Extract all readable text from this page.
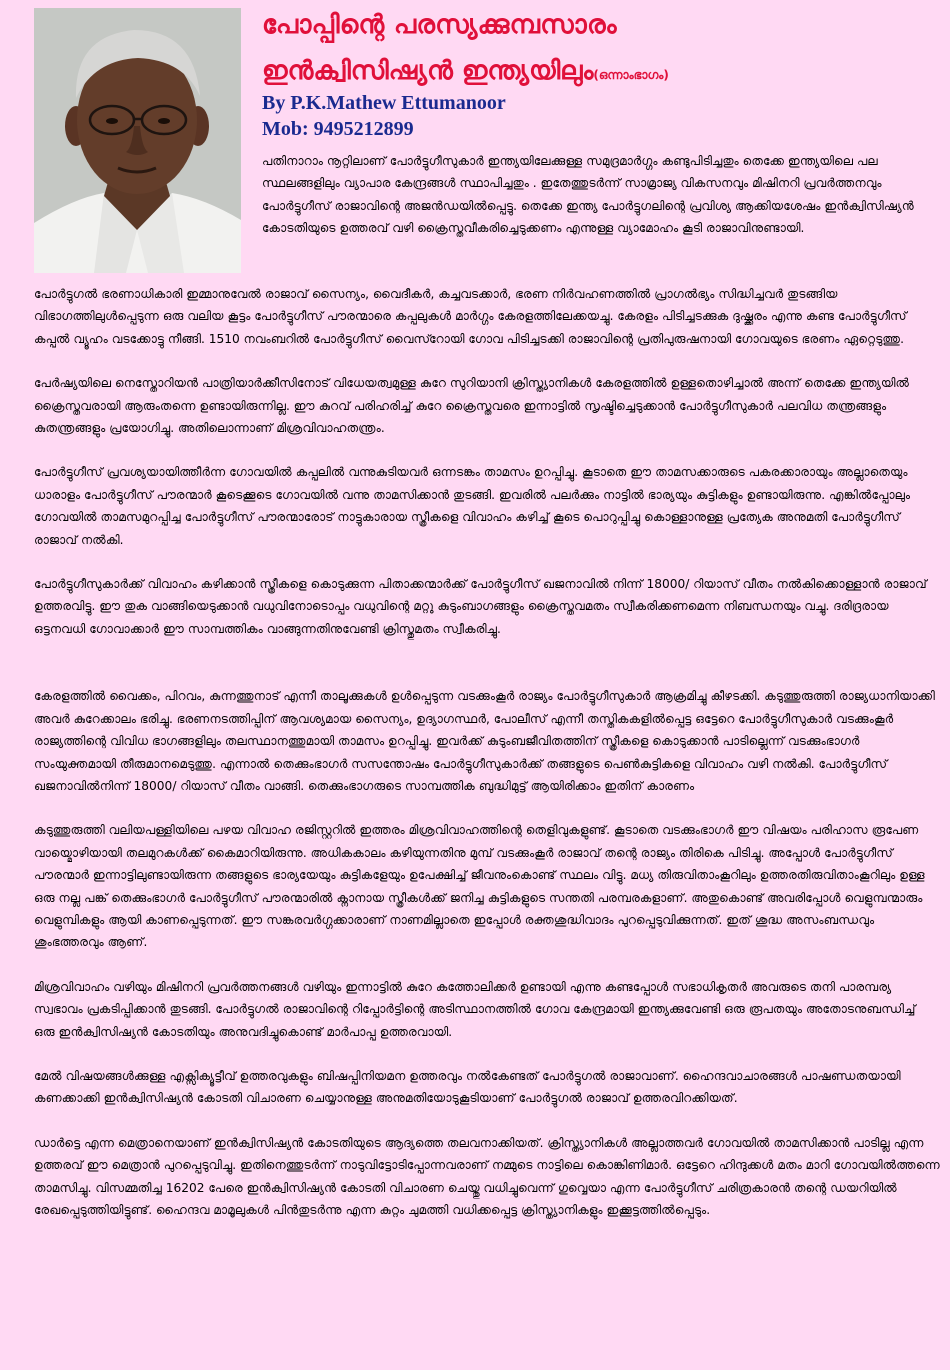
പോപ്പിന്റെ പരസ്യക്കുമ്പസാരം
ഇൻക്വിസിഷ്യൻ ഇന്ത്യയിലും(ഒന്നാംഭാഗം)
By P.K.Mathew Ettumanoor
Mob: 9495212899
പതിനാറാം നൂറ്റിലാണ് പോർട്ടുഗീസുകാർ ഇന്ത്യയിലേക്കുള്ള സമുദ്രമാർഗ്ഗം കണ്ടുപിടിച്ചതും തെക്കേ ഇന്ത്യയിലെ പല സ്ഥലങ്ങളിലും വ്യാപാര കേന്ദ്രങ്ങൾ സ്ഥാപിച്ചതും . ഇതേത്തുടർന്ന് സാമ്രാജ്യ വികസനവും മിഷിനറി പ്രവർത്തനവും പോർട്ടുഗീസ് രാജാവിന്റെ അജൻഡയിൽപ്പെട്ടു. തെക്കേ ഇന്ത്യ പോർട്ടുഗലിന്റെ പ്രവിശ്യ ആക്കിയശേഷം ഇൻക്വിസിഷ്യൻ കോടതിയുടെ ഉത്തരവ് വഴി ക്രൈസ്തവീകരിച്ചെടുക്കണം എന്നുള്ള വ്യാമോഹം കൂടി രാജാവിനുണ്ടായി.

പോർട്ടുഗൽ ഭരണാധികാരി ഇമ്മാനുവേൽ രാജാവ് സൈന്യം, വൈദീകർ, കച്ചവടക്കാർ, ഭരണ നിർവഹണത്തിൽ പ്രാഗൽഭ്യം സിദ്ധിച്ചവർ തുടങ്ങിയ വിഭാഗത്തിലുൾപ്പെടുന്ന ഒരു വലിയ കൂട്ടം പോർട്ടുഗീസ് പൗരന്മാരെ കപ്പലുകൾ മാർഗ്ഗം കേരളത്തിലേക്കയച്ചു. കേരളം പിടിച്ചടക്കുക ദുഷ്ക്കരം എന്നു കണ്ട പോർട്ടുഗീസ് കപ്പൽ വ്യൂഹം വടക്കോട്ടു നീങ്ങി. 1510 നവംബറിൽ പോർട്ടുഗീസ് വൈസ്റോയി ഗോവ പിടിച്ചടക്കി രാജാവിന്റെ പ്രതിപുരുഷനായി ഗോവയുടെ ഭരണം ഏറ്റെടുത്തു.

പേർഷ്യയിലെ നെസ്തോറിയൻ പാത്രിയാർക്കീസിനോട് വിധേയത്വമുള്ള കുറേ സുറിയാനി ക്രിസ്ത്യാനികൾ കേരളത്തിൽ ഉള്ളതൊഴിച്ചാൽ അന്ന് തെക്കേ ഇന്ത്യയിൽ ക്രൈസ്തവരായി ആരുംതന്നെ ഉണ്ടായിരുന്നില്ല. ഈ കുറവ് പരിഹരിച്ച് കുറേ ക്രൈസ്തവരെ ഇന്നാട്ടിൽ സൃഷ്ടിച്ചെടുക്കാൻ പോർട്ടുഗീസുകാർ പലവിധ തന്ത്രങ്ങളും കുതന്ത്രങ്ങളും പ്രയോഗിച്ചു. അതിലൊന്നാണ് മിശ്രവിവാഹതന്ത്രം.

പോർട്ടുഗീസ് പ്രവശ്യയായിത്തീർന്ന ഗോവയിൽ കപ്പലിൽ വന്നുകുടിയവർ ഒന്നടങ്കം താമസം ഉറപ്പിച്ചു. കൂടാതെ ഈ താമസക്കാരുടെ പകരക്കാരായും അല്ലാതെയും ധാരാളം പോർട്ടുഗീസ് പൗരന്മാർ കൂടെക്കൂടെ ഗോവയിൽ വന്നു താമസിക്കാൻ തുടങ്ങി. ഇവരിൽ പലർക്കും നാട്ടിൽ ഭാര്യയും കുട്ടികളും ഉണ്ടായിരുന്നു. എങ്കിൽപ്പോലും ഗോവയിൽ താമസമുറപ്പിച്ച പോർട്ടുഗീസ് പൗരന്മാരോട് നാട്ടുകാരായ സ്ത്രീകളെ വിവാഹം കഴിച്ച് കൂടെ പൊറുപ്പിച്ചു കൊള്ളാനുള്ള പ്രത്യേക അനുമതി പോർട്ടുഗീസ് രാജാവ് നൽകി.

പോർട്ടുഗീസുകാർക്ക് വിവാഹം കഴിക്കാൻ സ്ത്രീകളെ കൊടുക്കുന്ന പിതാക്കന്മാർക്ക് പോർട്ടുഗീസ് ഖജനാവിൽ നിന്ന് 18000/ റിയാസ് വീതം നൽകിക്കൊള്ളാൻ രാജാവ് ഉത്തരവിട്ടു. ഈ തുക വാങ്ങിയെടുക്കാൻ വധുവിനോടൊപ്പം വധുവിന്റെ മറ്റു കുടുംബാഗങ്ങളും ക്രൈസ്തവമതം സ്വീകരിക്കണമെന്ന നിബന്ധനയും വച്ചു. ദരിദ്രരായ ഒട്ടനവധി ഗോവാക്കാർ ഈ സാമ്പത്തികം വാങ്ങുന്നതിനുവേണ്ടി ക്രിസ്തുമതം സ്വീകരിച്ചു.

കേരളത്തിൽ വൈക്കം, പിറവം, കുന്നത്തുനാട് എന്നീ താലൂക്കുകൾ ഉൾപ്പെടുന്ന വടക്കുംകൂർ രാജ്യം പോർട്ടുഗീസുകാർ ആക്രമിച്ചു കീഴടക്കി. കടുത്തുരുത്തി രാജ്യധാനിയാക്കി അവർ കുറേക്കാലം ഭരിച്ചു. ഭരണനടത്തിപ്പിന് ആവശ്യമായ സൈന്യം, ഉദ്യാഗസ്ഥർ, പോലീസ് എന്നീ തസ്തികകളിൽപ്പെട്ട ഒട്ടേറെ പോർട്ടുഗീസുകാർ വടക്കുംകൂർ രാജ്യത്തിന്റെ വിവിധ ഭാഗങ്ങളിലും തലസ്ഥാനത്തുമായി താമസം ഉറപ്പിച്ചു. ഇവർക്ക് കുടുംബജീവിതത്തിന് സ്ത്രീകളെ കൊടുക്കാൻ പാടില്ലെന്ന് വടക്കുംഭാഗർ സംയുക്തമായി തീരുമാനമെടുത്തു. എന്നാൽ തെക്കുംഭാഗർ സസന്തോഷം പോർട്ടുഗീസുകാർക്ക് തങ്ങളുടെ പെൺകുട്ടികളെ വിവാഹം വഴി നൽകി. പോർട്ടുഗീസ് ഖജനാവിൽനിന്ന് 18000/ റിയാസ് വീതം വാങ്ങി. തെക്കുംഭാഗരുടെ സാമ്പത്തിക ബുദ്ധിമുട്ട് ആയിരിക്കാം ഇതിന് കാരണം

കടുത്തുരുത്തി വലിയപള്ളിയിലെ പഴയ വിവാഹ രജിസ്റ്ററിൽ ഇത്തരം മിശ്രവിവാഹത്തിന്റെ തെളിവുകളുണ്ട്. കൂടാതെ വടക്കുംഭാഗർ ഈ വിഷയം പരിഹാസ രൂപേണ വായ്മൊഴിയായി തലമുറകൾക്ക് കൈമാറിയിരുന്നു. അധികകാലം കഴിയുന്നതിനു മുമ്പ് വടക്കുംകൂർ രാജാവ് തന്റെ രാജ്യം തിരികെ പിടിച്ചു. അപ്പോൾ പോർട്ടുഗീസ് പൗരന്മാർ ഇന്നാട്ടിലുണ്ടായിരുന്ന തങ്ങളുടെ ഭാര്യയേയും കുട്ടികളേയും ഉപേക്ഷിച്ച് ജീവനുംകൊണ്ട് സ്ഥലം വിട്ടു. മധ്യ തിരുവിതാംകൂറിലും ഉത്തരതിരുവിതാംകൂറിലും ഉള്ള ഒരു നല്ല പങ്ക് തെക്കുംഭാഗർ പോർട്ടുഗീസ് പൗരന്മാരിൽ ക്നാനായ സ്ത്രീകൾക്ക് ജനിച്ച കുട്ടികളുടെ സന്തതി പരമ്പരകളാണ്. അതുകൊണ്ട് അവരിപ്പോൾ വെളുമ്പന്മാരും വെളുമ്പികളും ആയി കാണപ്പെടുന്നത്. ഈ സങ്കരവർഗ്ഗക്കാരാണ് നാണമില്ലാതെ ഇപ്പോൾ രക്തശുദ്ധിവാദം പുറപ്പെടുവിക്കുന്നത്. ഇത് ശുദ്ധ അസംബന്ധവും ശുംഭത്തരവും ആണ്.

മിശ്രവിവാഹം വഴിയും മിഷിനറി പ്രവർത്തനങ്ങൾ വഴിയും ഇന്നാട്ടിൽ കുറേ കത്തോലിക്കർ ഉണ്ടായി എന്നു കണ്ടപ്പോൾ സഭാധികൃതർ അവരുടെ തനി പാരമ്പര്യ സ്വഭാവം പ്രകടിപ്പിക്കാൻ തുടങ്ങി. പോർട്ടുഗൽ രാജാവിന്റെ റിപ്പോർട്ടിന്റെ അടിസ്ഥാനത്തിൽ ഗോവ കേന്ദ്രമായി ഇന്ത്യക്കുവേണ്ടി ഒരു രൂപതയും അതോടനുബന്ധിച്ച് ഒരു ഇൻക്വിസിഷ്യൻ കോടതിയും അനുവദിച്ചുകൊണ്ട് മാർപാപ്പ ഉത്തരവായി.

മേൽ വിഷയങ്ങൾക്കുള്ള എക്സിക്യൂട്ടീവ് ഉത്തരവുകളും ബിഷപ്പിനിയമന ഉത്തരവും നൽകേണ്ടത് പോർട്ടുഗൽ രാജാവാണ്. ഹൈന്ദവാചാരങ്ങൾ പാഷണ്ഡതയായി കണക്കാക്കി ഇൻക്വിസിഷ്യൻ കോടതി വിചാരണ ചെയ്യാനുള്ള അനുമതിയോടുകൂടിയാണ് പോർട്ടുഗൽ രാജാവ് ഉത്തരവിറക്കിയത്.

ഡാർട്ടെ എന്ന മെത്രാനെയാണ് ഇൻക്വിസിഷ്യൻ കോടതിയുടെ ആദ്യത്തെ തലവനാക്കിയത്. ക്രിസ്ത്യാനികൾ അല്ലാത്തവർ ഗോവയിൽ താമസിക്കാൻ പാടില്ല എന്ന ഉത്തരവ് ഈ മെത്രാൻ പുറപ്പെടുവിച്ചു. ഇതിനെത്തുടർന്ന് നാടുവിട്ടോടിപ്പോന്നവരാണ് നമ്മുടെ നാട്ടിലെ കൊങ്കിണിമാർ. ഒട്ടേറെ ഹിന്ദുക്കൾ മതം മാറി ഗോവയിൽത്തന്നെ താമസിച്ചു. വിസമ്മതിച്ച 16202 പേരെ ഇൻക്വിസിഷ്യൻ കോടതി വിചാരണ ചെയ്തു വധിച്ചുവെന്ന് ഗുവ്വെയാ എന്ന പോർട്ടുഗീസ് ചരിത്രകാരൻ തന്റെ ഡയറിയിൽ രേഖപ്പെടുത്തിയിട്ടുണ്ട്. ഹൈന്ദവ മാമൂലുകൾ പിൻതുടർന്നു എന്ന കുറ്റം ചുമത്തി വധിക്കപ്പെട്ട ക്രിസ്ത്യാനികളും ഇക്കൂട്ടത്തിൽപ്പെടും.
